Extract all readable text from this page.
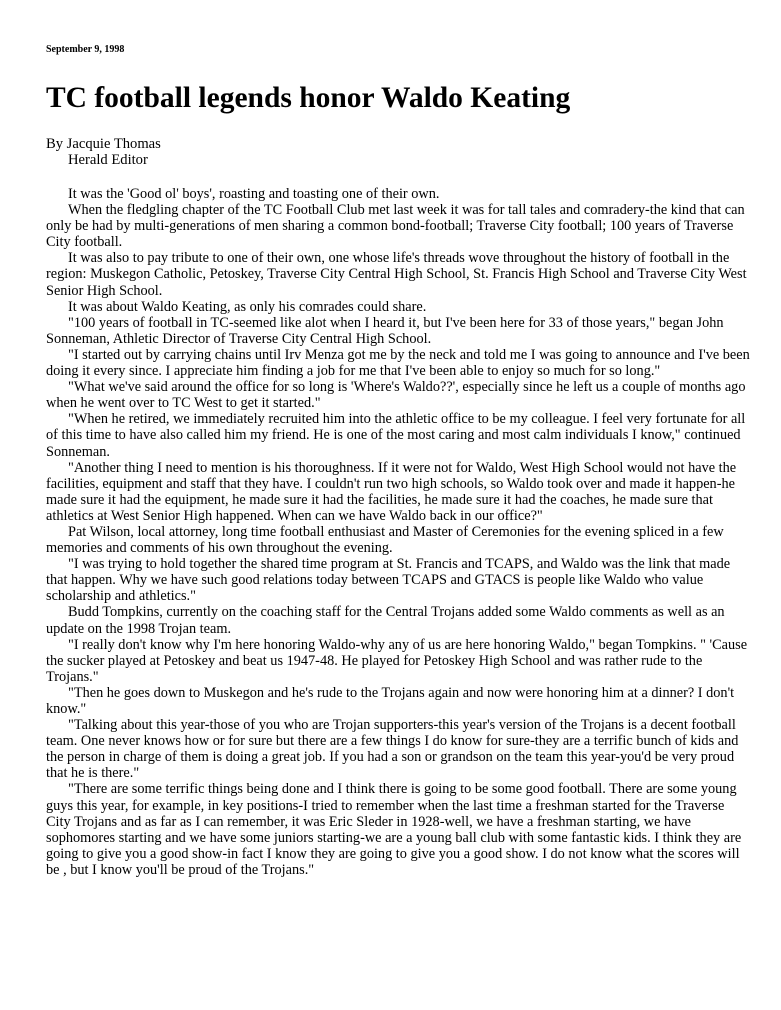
September 9, 1998
TC football legends honor Waldo Keating
By Jacquie Thomas
Herald Editor

It was the 'Good ol' boys', roasting and toasting one of their own.

When the fledgling chapter of the TC Football Club met last week it was for tall tales and comradery-the kind that can only be had by multi-generations of men sharing a common bond-football; Traverse City football; 100 years of Traverse City football.

It was also to pay tribute to one of their own, one whose life's threads wove throughout the history of football in the region: Muskegon Catholic, Petoskey, Traverse City Central High School, St. Francis High School and Traverse City West Senior High School.

It was about Waldo Keating, as only his comrades could share.

"100 years of football in TC-seemed like alot when I heard it, but I've been here for 33 of those years," began John Sonneman, Athletic Director of Traverse City Central High School.

"I started out by carrying chains until Irv Menza got me by the neck and told me I was going to announce and I've been doing it every since. I appreciate him finding a job for me that I've been able to enjoy so much for so long."

"What we've said around the office for so long is 'Where's Waldo??', especially since he left us a couple of months ago when he went over to TC West to get it started."

"When he retired, we immediately recruited him into the athletic office to be my colleague. I feel very fortunate for all of this time to have also called him my friend. He is one of the most caring and most calm individuals I know," continued Sonneman.

"Another thing I need to mention is his thoroughness. If it were not for Waldo, West High School would not have the facilities, equipment and staff that they have. I couldn't run two high schools, so Waldo took over and made it happen-he made sure it had the equipment, he made sure it had the facilities, he made sure it had the coaches, he made sure that athletics at West Senior High happened. When can we have Waldo back in our office?"

Pat Wilson, local attorney, long time football enthusiast and Master of Ceremonies for the evening spliced in a few memories and comments of his own throughout the evening.

"I was trying to hold together the shared time program at St. Francis and TCAPS, and Waldo was the link that made that happen. Why we have such good relations today between TCAPS and GTACS is people like Waldo who value scholarship and athletics."

Budd Tompkins, currently on the coaching staff for the Central Trojans added some Waldo comments as well as an update on the 1998 Trojan team.

"I really don't know why I'm here honoring Waldo-why any of us are here honoring Waldo," began Tompkins. " 'Cause the sucker played at Petoskey and beat us 1947-48. He played for Petoskey High School and was rather rude to the Trojans."

"Then he goes down to Muskegon and he's rude to the Trojans again and now were honoring him at a dinner? I don't know."

"Talking about this year-those of you who are Trojan supporters-this year's version of the Trojans is a decent football team. One never knows how or for sure but there are a few things I do know for sure-they are a terrific bunch of kids and the person in charge of them is doing a great job. If you had a son or grandson on the team this year-you'd be very proud that he is there."

"There are some terrific things being done and I think there is going to be some good football. There are some young guys this year, for example, in key positions-I tried to remember when the last time a freshman started for the Traverse City Trojans and as far as I can remember, it was Eric Sleder in 1928-well, we have a freshman starting, we have sophomores starting and we have some juniors starting-we are a young ball club with some fantastic kids. I think they are going to give you a good show-in fact I know they are going to give you a good show. I do not know what the scores will be , but I know you'll be proud of the Trojans."
